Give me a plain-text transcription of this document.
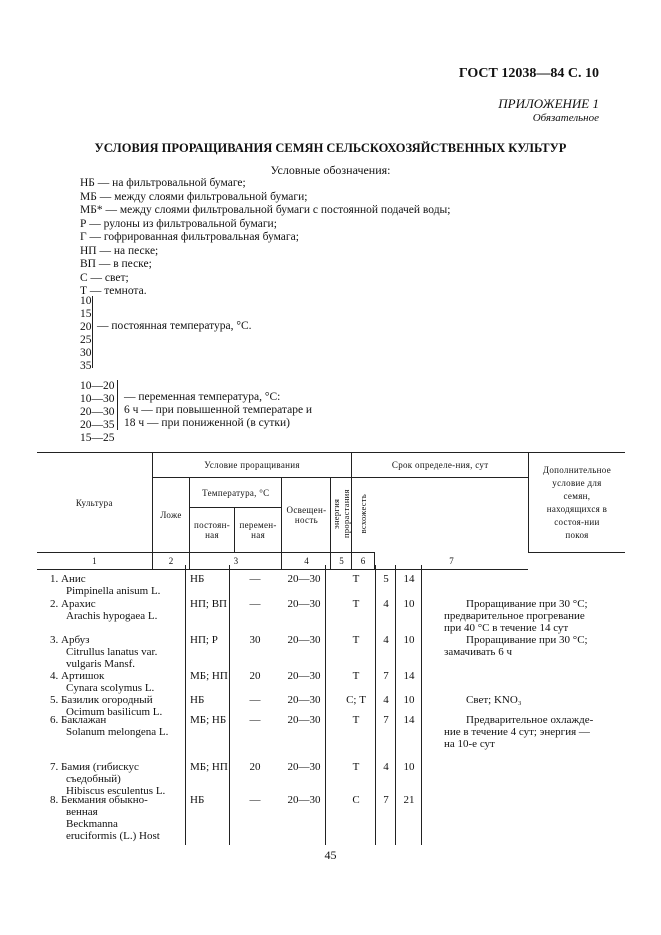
ГОСТ 12038—84 С. 10
ПРИЛОЖЕНИЕ 1
Обязательное
УСЛОВИЯ ПРОРАЩИВАНИЯ СЕМЯН СЕЛЬСКОХОЗЯЙСТВЕННЫХ КУЛЬТУР
Условные обозначения:
НБ — на фильтровальной бумаге;
МБ — между слоями фильтровальной бумаги;
МБ* — между слоями фильтровальной бумаги с постоянной подачей воды;
Р — рулоны из фильтровальной бумаги;
Г — гофрированная фильтровальная бумага;
НП — на песке;
ВП — в песке;
С — свет;
Т — темнота.
10
15
20
25
30
35
— постоянная температура, °С.
10—20
10—30
20—30
20—35
15—25
— переменная температура, °С:
6 ч — при повышенной температаре и
18 ч — при пониженной (в сутки)
Культура	Условие проращивания					Срок определе-ния, сут		Дополнительное условие для семян, находящихся в состоя-нии покоя
	Ложе	Температура, °С		Освещен-ность	энергия прорастания	всхожесть		
		постоян-ная	перемен-ная					
1	2	3		4	5	6	7	
1. Анис
Pimpinella anisum L.
НБ	—	20—30	Т	5	14
2. Арахис
Arachis hypogaea L.
НП; ВП	—	20—30	Т	4	10	Проращивание при 30 °С;
предварительное прогревание
при 40 °С в течение 14 сут
3. Арбуз
Citrullus lanatus var.
vulgaris Mansf.
НП; Р	30	20—30	Т	4	10	Проращивание при 30 °С;
замачивать 6 ч
4. Артишок
Cynara scolymus L.
МБ; НП	20	20—30	Т	7	14
5. Базилик огородный
Ocimum basilicum L.
НБ	—	20—30	С; Т	4	10	Свет; KNO₃
6. Баклажан
Solanum melongena L.
МБ; НБ	—	20—30	Т	7	14	Предварительное охлажде-
ние в течение 4 сут; энергия —
на 10-е сут
7. Бамия (гибискус
съедобный)
Hibiscus esculentus L.
МБ; НП	20	20—30	Т	4	10
8. Бекмания обыкно-
венная
Beckmanna
eruciformis (L.) Host
НБ	—	20—30	С	7	21
45
